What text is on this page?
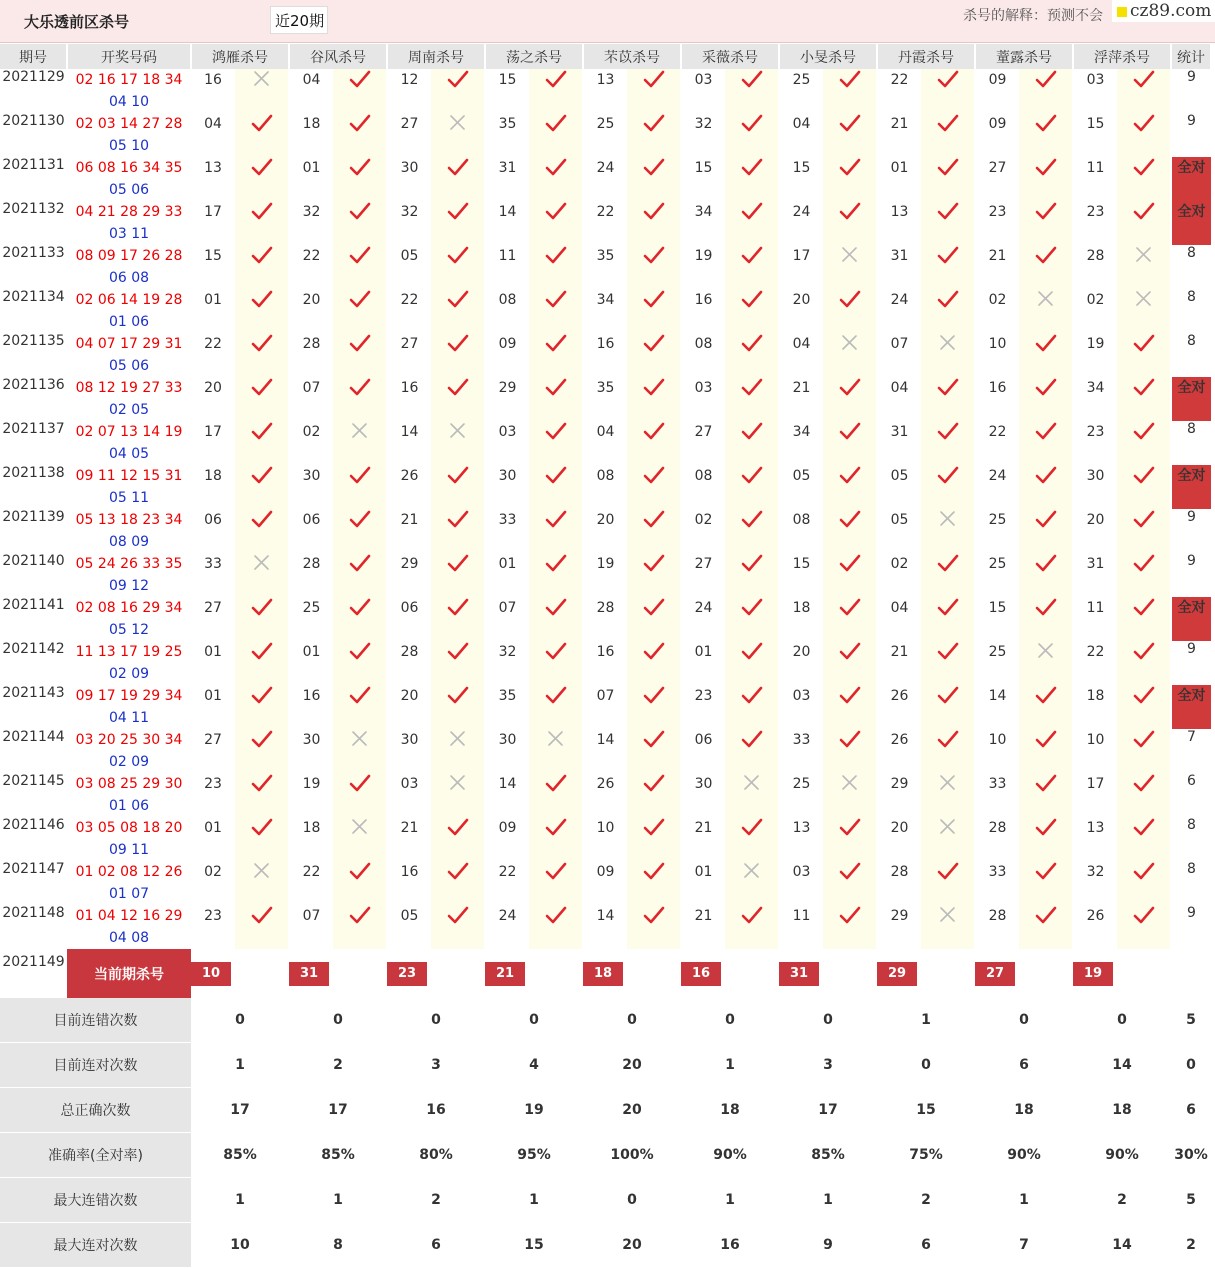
大乐透前区杀号	近20期	杀号的解释：预测不会	cz89.com
期号	开奖号码	鸿雁杀号		谷风杀号		周南杀号		荡之杀号		芣苡杀号		采薇杀号		小旻杀号		丹霞杀号		蕫露杀号		浮萍杀号		统计
2021129	02 16 17 18 34
04 10	16		04		12		15		13		03		25		22		09		03		9
2021130	02 03 14 27 28
05 10	04		18		27		35		25		32		04		21		09		15		9
2021131	06 08 16 34 35
05 06	13		01		30		31		24		15		15		01		27		11		全对
2021132	04 21 28 29 33
03 11	17		32		32		14		22		34		24		13		23		23		全对
2021133	08 09 17 26 28
06 08	15		22		05		11		35		19		17		31		21		28		8
2021134	02 06 14 19 28
01 06	01		20		22		08		34		16		20		24		02		02		8
2021135	04 07 17 29 31
05 06	22		28		27		09		16		08		04		07		10		19		8
2021136	08 12 19 27 33
02 05	20		07		16		29		35		03		21		04		16		34		全对
2021137	02 07 13 14 19
04 05	17		02		14		03		04		27		34		31		22		23		8
2021138	09 11 12 15 31
05 11	18		30		26		30		08		08		05		05		24		30		全对
2021139	05 13 18 23 34
08 09	06		06		21		33		20		02		08		05		25		20		9
2021140	05 24 26 33 35
09 12	33		28		29		01		19		27		15		02		25		31		9
2021141	02 08 16 29 34
05 12	27		25		06		07		28		24		18		04		15		11		全对
2021142	11 13 17 19 25
02 09	01		01		28		32		16		01		20		21		25		22		9
2021143	09 17 19 29 34
04 11	01		16		20		35		07		23		03		26		14		18		全对
2021144	03 20 25 30 34
02 09	27		30		30		30		14		06		33		26		10		10		7
2021145	03 08 25 29 30
01 06	23		19		03		14		26		30		25		29		33		17		6
2021146	03 05 08 18 20
09 11	01		18		21		09		10		21		13		20		28		13		8
2021147	01 02 08 12 26
01 07	02		22		16		22		09		01		03		28		33		32		8
2021148	01 04 12 16 29
04 08	23		07		05		24		14		21		11		29		28		26		9
2021149	当前期杀号	10		31		23		21		18		16		31		29		27		19		
目前连错次数		0		0		0		0		0		0		0		1		0		0		5
目前连对次数		1		2		3		4		20		1		3		0		6		14		0
总正确次数		17		17		16		19		20		18		17		15		18		18		6
准确率(全对率)		85%		85%		80%		95%		100%		90%		85%		75%		90%		90%		30%
最大连错次数		1		1		2		1		0		1		1		2		1		2		5
最大连对次数		10		8		6		15		20		16		9		6		7		14		2
